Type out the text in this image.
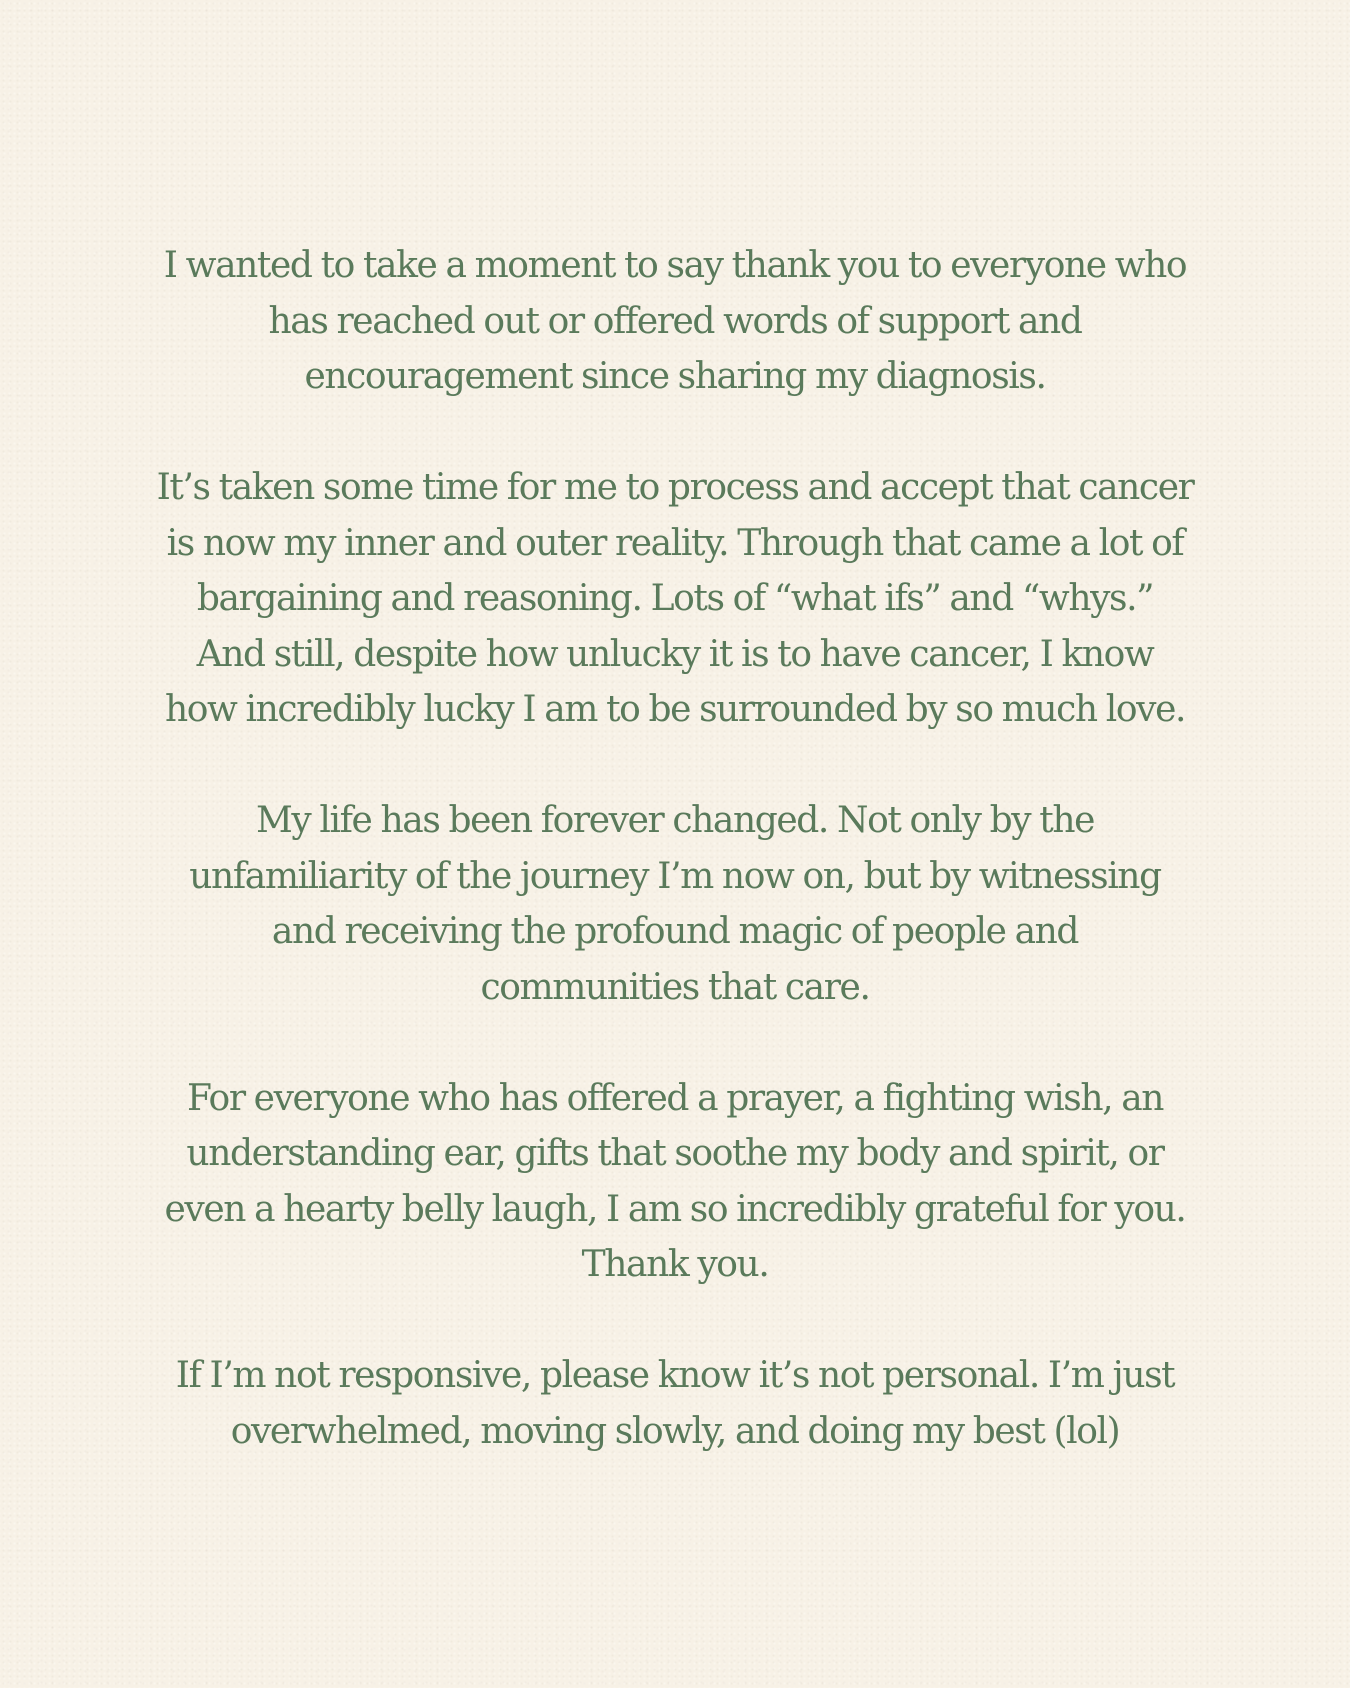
I wanted to take a moment to say thank you to everyone who
has reached out or offered words of support and
encouragement since sharing my diagnosis.

It’s taken some time for me to process and accept that cancer
is now my inner and outer reality. Through that came a lot of
bargaining and reasoning. Lots of “what ifs” and “whys.”
And still, despite how unlucky it is to have cancer, I know
how incredibly lucky I am to be surrounded by so much love.

My life has been forever changed. Not only by the
unfamiliarity of the journey I’m now on, but by witnessing
and receiving the profound magic of people and
communities that care.

For everyone who has offered a prayer, a fighting wish, an
understanding ear, gifts that soothe my body and spirit, or
even a hearty belly laugh, I am so incredibly grateful for you.
Thank you.

If I’m not responsive, please know it’s not personal. I’m just
overwhelmed, moving slowly, and doing my best (lol)
